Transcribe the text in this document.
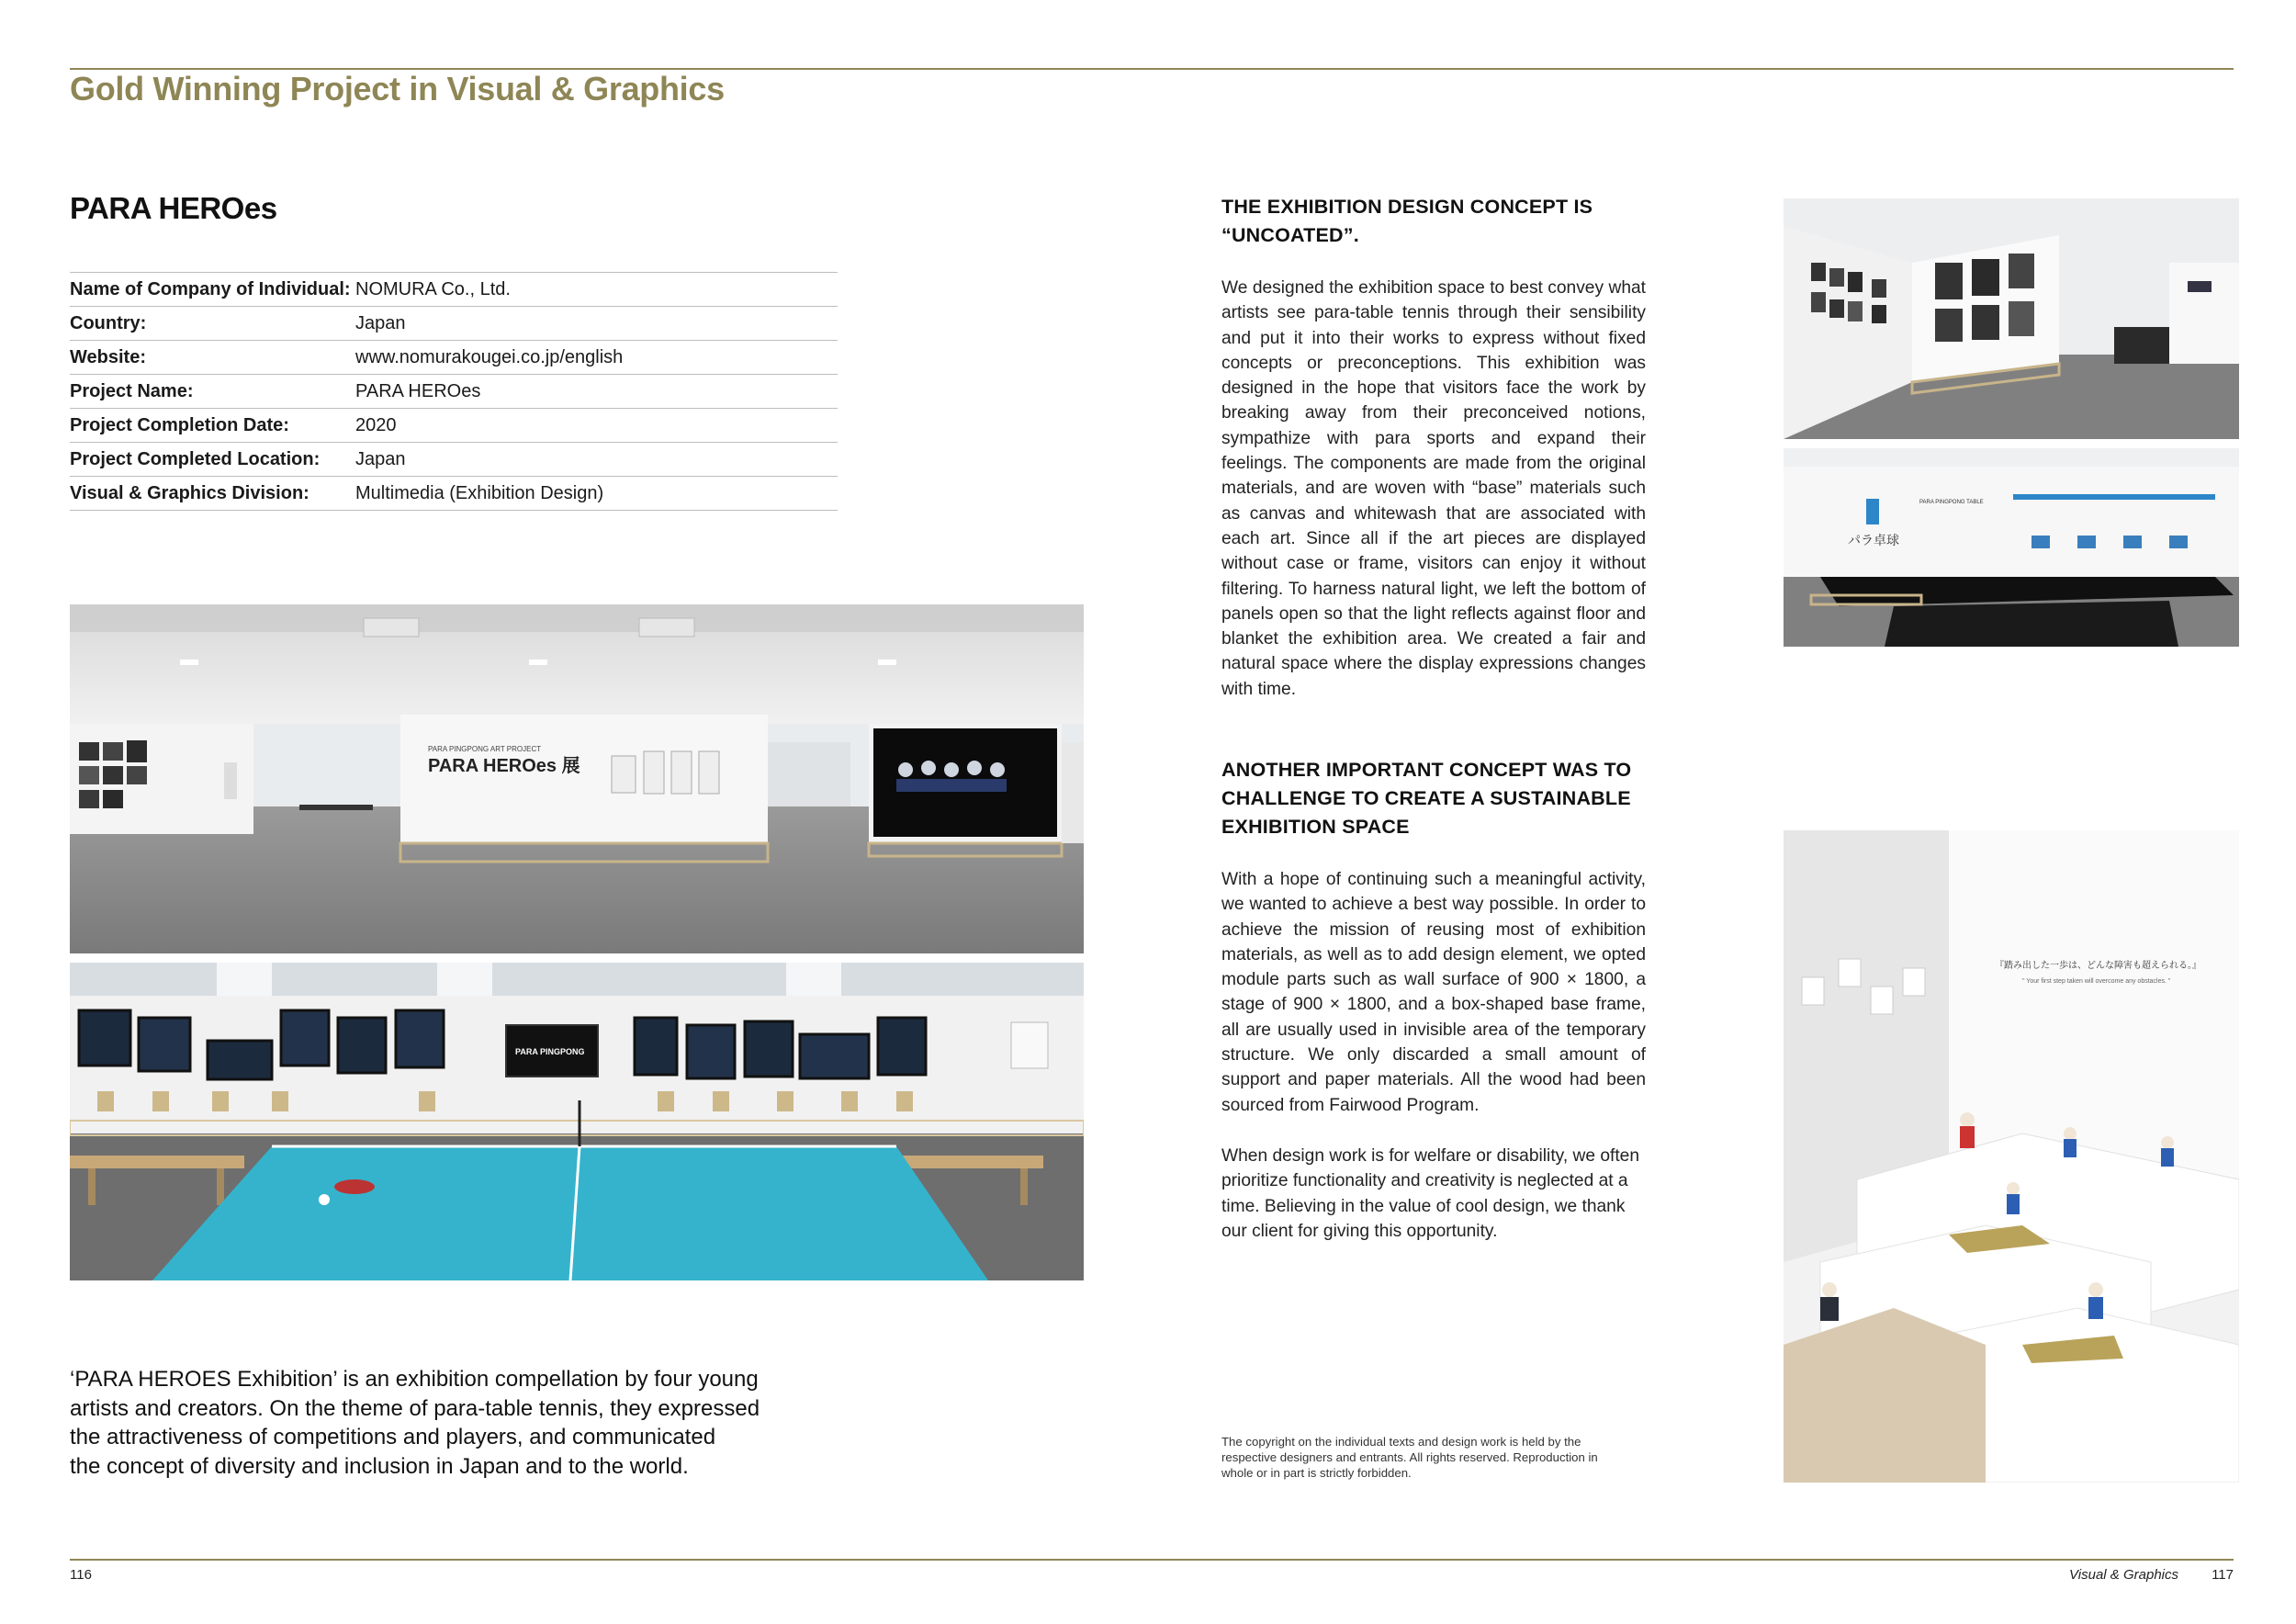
Gold Winning Project in Visual & Graphics
PARA HEROes
Name of Company of Individual:	NOMURA Co., Ltd.
Country:	Japan
Website:	www.nomurakougei.co.jp/english
Project Name:	PARA HEROes
Project Completion Date:	2020
Project Completed Location:	Japan
Visual & Graphics Division:	Multimedia (Exhibition Design)
PARA PINGPONG ART PROJECT
PARA HEROes 展
PARA PINGPONG
パラ卓球
PARA PINGPONG TABLE
『踏み出した一歩は、どんな障害も超えられる。』
" Your first step taken will overcome any obstacles. "

‘PARA HEROES Exhibition’ is an exhibition compellation by four young

artists and creators. On the theme of para-table tennis, they expressed

the attractiveness of competitions and players, and communicated

the concept of diversity and inclusion in Japan and to the world.

THE EXHIBITION DESIGN CONCEPT IS

“UNCOATED”.

We designed the exhibition space to best convey what artists see para-table tennis through their sensibility and put it into their works to express without fixed concepts or preconceptions. This exhibition was designed in the hope that visitors face the work by breaking away from their preconceived notions, sympathize with para sports and expand their feelings. The components are made from the original materials, and are woven with “base” materials such as canvas and whitewash that are associated with each art. Since all if the art pieces are displayed without case or frame, visitors can enjoy it without filtering. To harness natural light, we left the bottom of panels open so that the light reflects against floor and blanket the exhibition area. We created a fair and natural space where the display expressions changes with time.

ANOTHER IMPORTANT CONCEPT WAS TO

CHALLENGE TO CREATE A SUSTAINABLE

EXHIBITION SPACE

With a hope of continuing such a meaningful activity, we wanted to achieve a best way possible. In order to achieve the mission of reusing most of exhibition materials, as well as to add design element, we opted module parts such as wall surface of 900 × 1800, a stage of 900 × 1800, and a box-shaped base frame, all are usually used in invisible area of the temporary structure. We only discarded a small amount of support and paper materials. All the wood had been sourced from Fairwood Program.
When design work is for welfare or disability, we often prioritize functionality and creativity is neglected at a time. Believing in the value of cool design, we thank our client for giving this opportunity.

The copyright on the individual texts and design work is held by the

respective designers and entrants. All rights reserved. Reproduction in

whole or in part is strictly forbidden.

116	Visual & Graphics 117
